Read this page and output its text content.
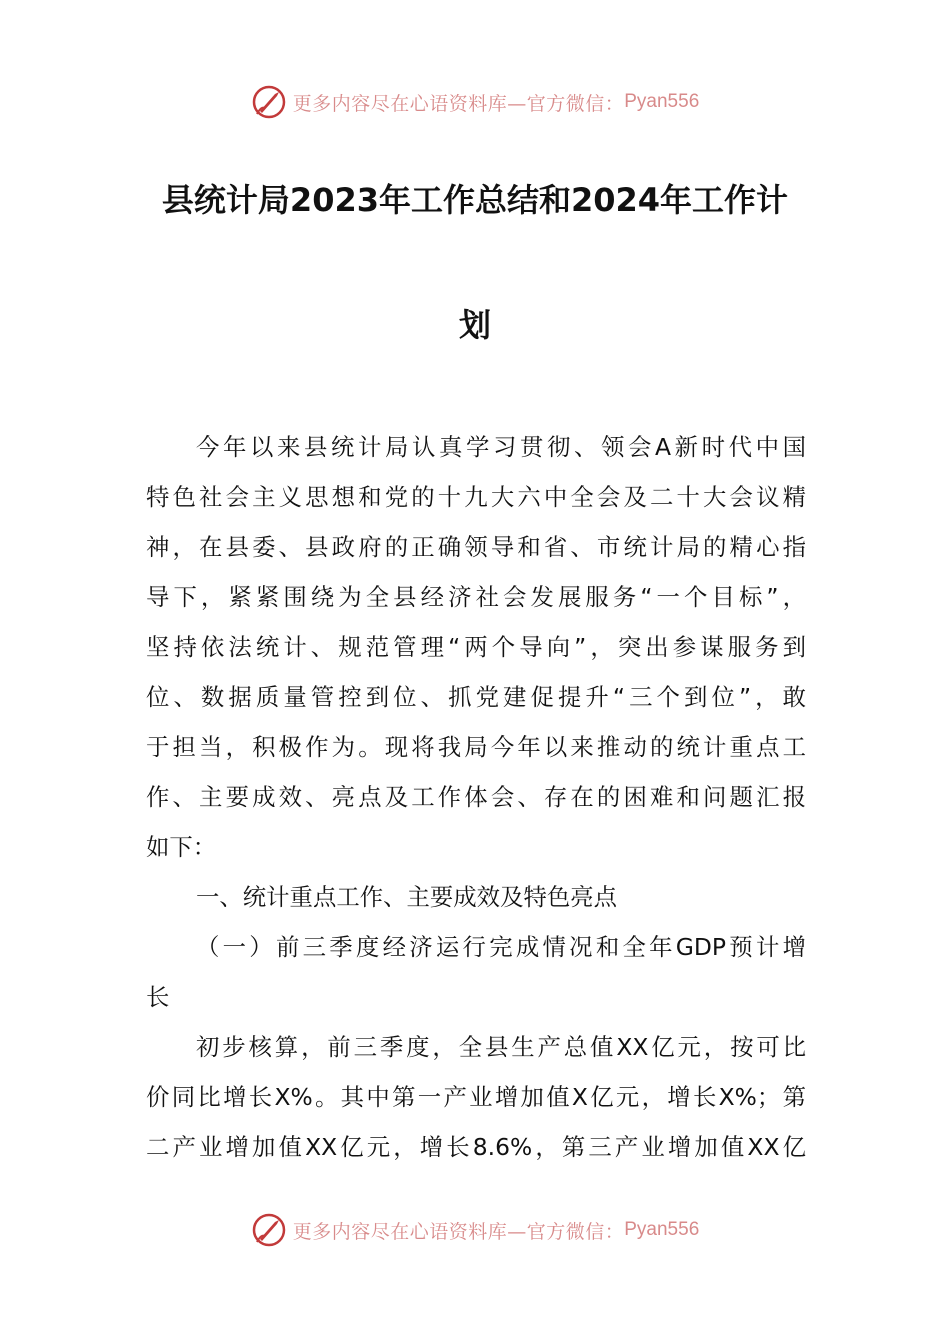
更多内容尽在心语资料库—官方微信： Pyan556
县统计局2023年工作总结和2024年工作计
划
今年以来县统计局认真学习贯彻、领会A新时代中国
特色社会主义思想和党的十九大六中全会及二十大会议精
神，在县委、县政府的正确领导和省、市统计局的精心指
导下，紧紧围绕为全县经济社会发展服务“一个目标”，
坚持依法统计、规范管理“两个导向”，突出参谋服务到
位、数据质量管控到位、抓党建促提升“三个到位”，敢
于担当，积极作为。现将我局今年以来推动的统计重点工
作、主要成效、亮点及工作体会、存在的困难和问题汇报
如下：
一、统计重点工作、主要成效及特色亮点
（一）前三季度经济运行完成情况和全年GDP预计增
长
初步核算，前三季度，全县生产总值XX亿元，按可比
价同比增长X%。其中第一产业增加值X亿元，增长X%；第
二产业增加值XX亿元，增长8.6%，第三产业增加值XX亿
更多内容尽在心语资料库—官方微信： Pyan556
